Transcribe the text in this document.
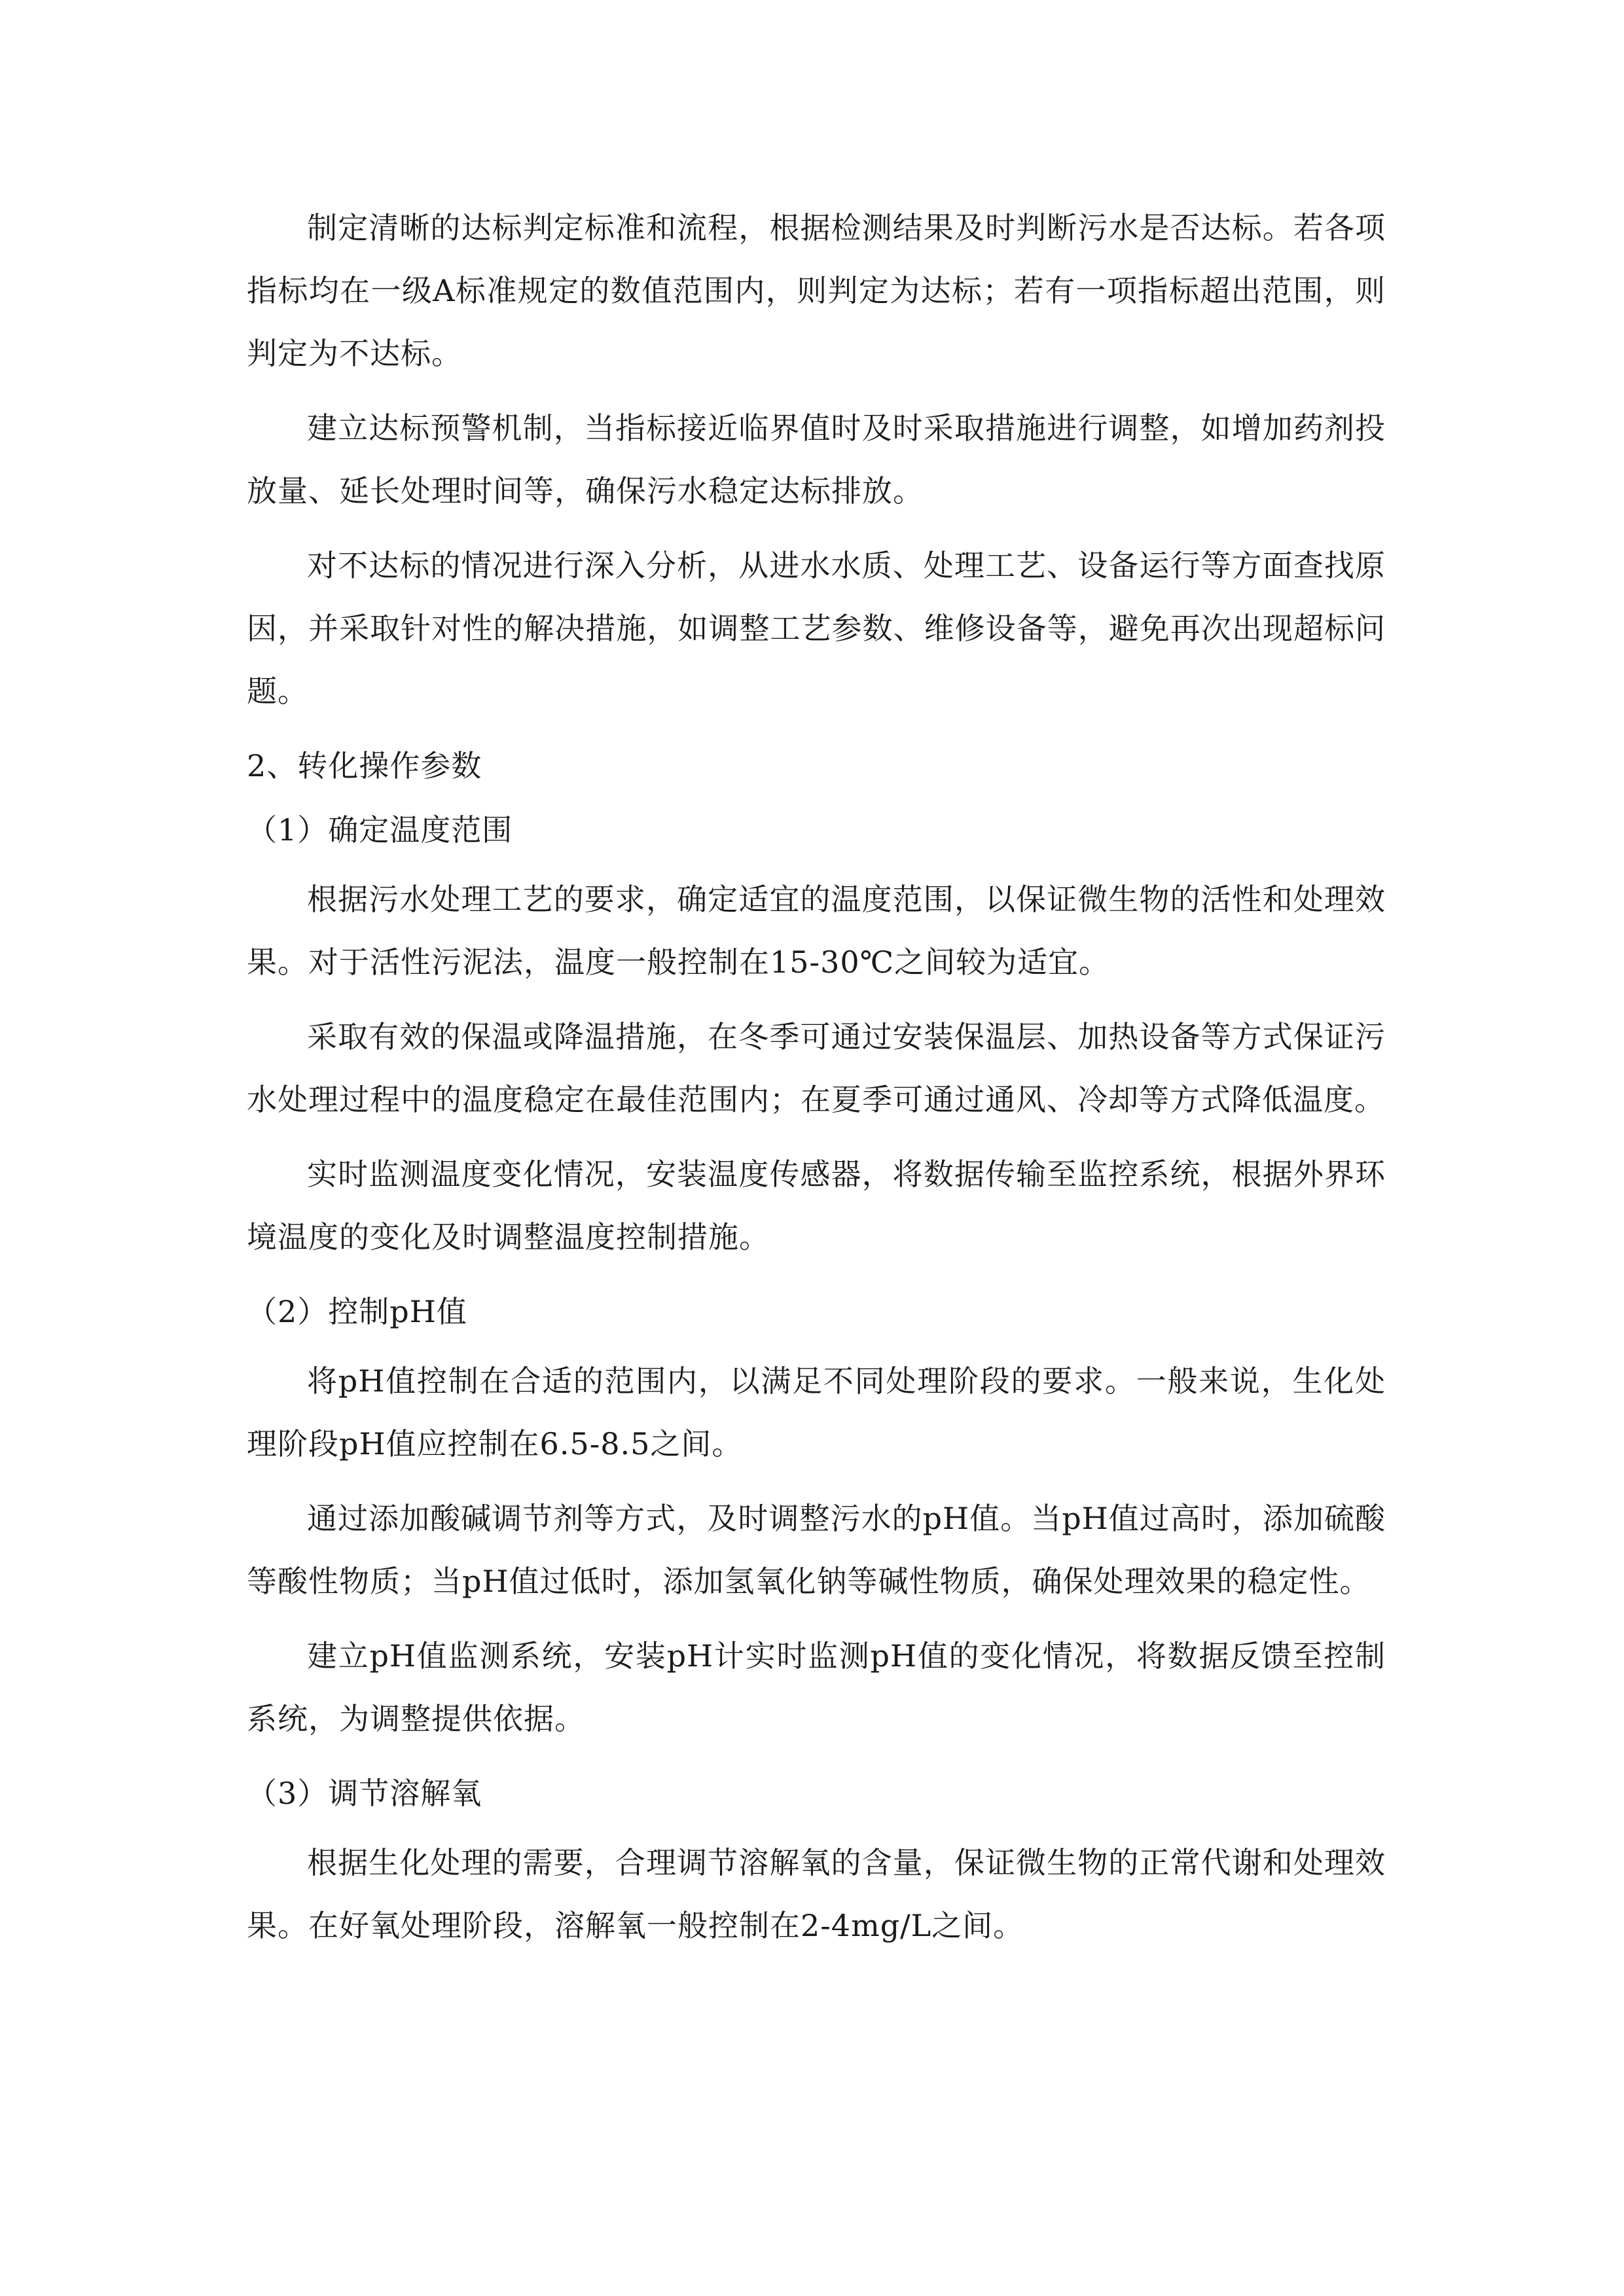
制定清晰的达标判定标准和流程，根据检测结果及时判断污水是否达标。若各项指标均在一级A标准规定的数值范围内，则判定为达标；若有一项指标超出范围，则判定为不达标。

建立达标预警机制，当指标接近临界值时及时采取措施进行调整，如增加药剂投放量、延长处理时间等，确保污水稳定达标排放。

对不达标的情况进行深入分析，从进水水质、处理工艺、设备运行等方面查找原因，并采取针对性的解决措施，如调整工艺参数、维修设备等，避免再次出现超标问题。

2、转化操作参数
（1）确定温度范围

根据污水处理工艺的要求，确定适宜的温度范围，以保证微生物的活性和处理效果。对于活性污泥法，温度一般控制在15-30℃之间较为适宜。

采取有效的保温或降温措施，在冬季可通过安装保温层、加热设备等方式保证污水处理过程中的温度稳定在最佳范围内；在夏季可通过通风、冷却等方式降低温度。

实时监测温度变化情况，安装温度传感器，将数据传输至监控系统，根据外界环境温度的变化及时调整温度控制措施。

（2）控制pH值

将pH值控制在合适的范围内，以满足不同处理阶段的要求。一般来说，生化处理阶段pH值应控制在6.5-8.5之间。

通过添加酸碱调节剂等方式，及时调整污水的pH值。当pH值过高时，添加硫酸等酸性物质；当pH值过低时，添加氢氧化钠等碱性物质，确保处理效果的稳定性。

建立pH值监测系统，安装pH计实时监测pH值的变化情况，将数据反馈至控制系统，为调整提供依据。

（3）调节溶解氧

根据生化处理的需要，合理调节溶解氧的含量，保证微生物的正常代谢和处理效果。在好氧处理阶段，溶解氧一般控制在2-4mg/L之间。
